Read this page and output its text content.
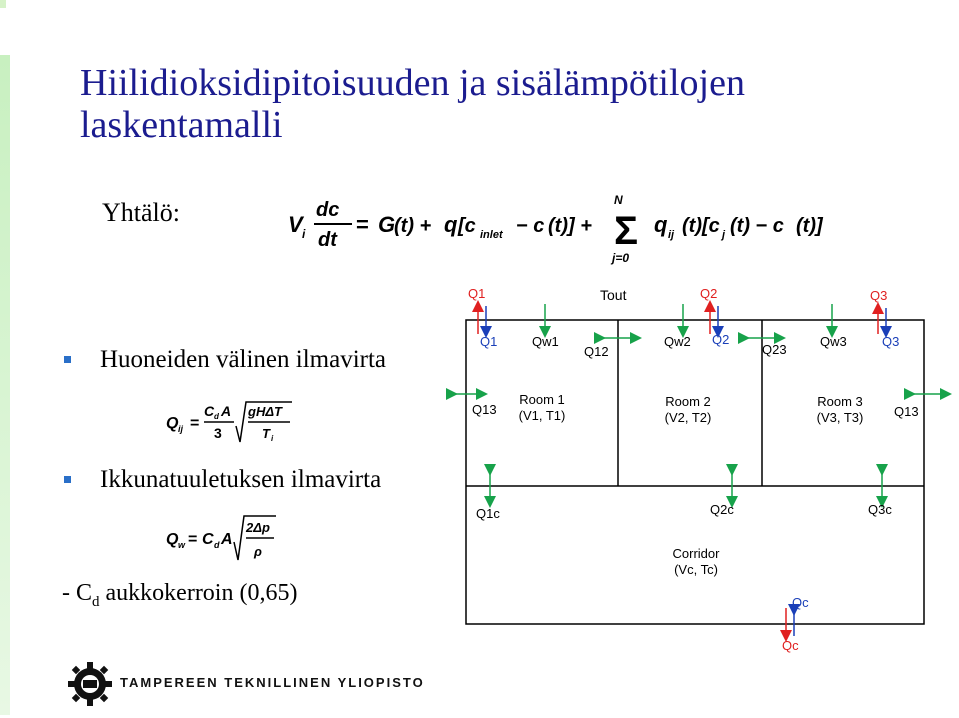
Hiilidioksidipitoisuuden ja sisälämpötilojen
laskentamalli
Yhtälö:	V i
dc
dt
= G
(t) + q [c inlet − c (t)] +
N
Σ
j=0
q ij (t)[c j (t) − c (t)]
Huoneiden välinen ilmavirta
Q ij =
C d A
3
gHΔT
T i
Ikkunatuuletuksen ilmavirta
Q w = C d A
2Δp
ρ
- $C_d$ aukkokerroin (0,65)
Tout
Q1	Q2	Q3
Q1	Q2	Q3
Qw1	Qw2	Qw3
Q12	Q23
Q13	Q13
Room 1
(V1, T1)
Room 2
(V2, T2)
Room 3
(V3, T3)
Q1c	Q2c	Q3c
Corridor
(Vc, Tc)
Qc
Qc
TAMPEREEN TEKNILLINEN YLIOPISTO
